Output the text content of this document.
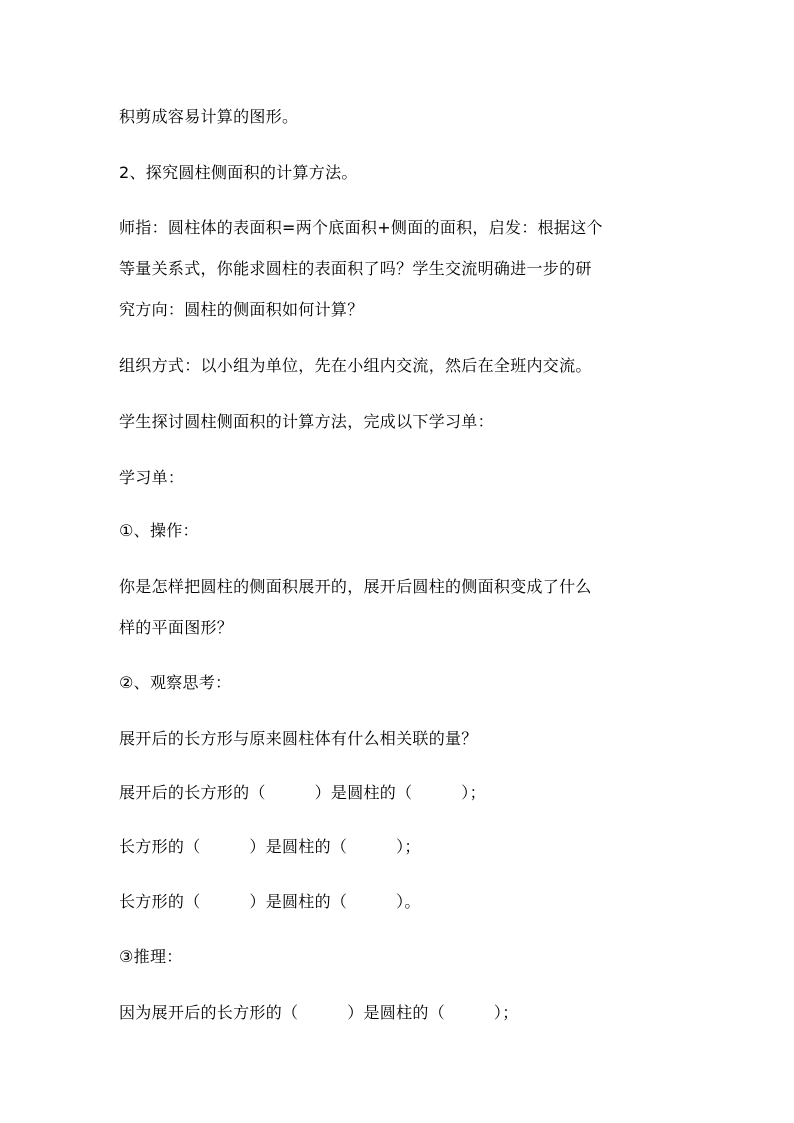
积剪成容易计算的图形。
2、探究圆柱侧面积的计算方法。
师指：圆柱体的表面积=两个底面积+侧面的面积，启发：根据这个
等量关系式，你能求圆柱的表面积了吗？学生交流明确进一步的研
究方向：圆柱的侧面积如何计算？
组织方式：以小组为单位，先在小组内交流，然后在全班内交流。
学生探讨圆柱侧面积的计算方法，完成以下学习单：
学习单：
①、操作：
你是怎样把圆柱的侧面积展开的，展开后圆柱的侧面积变成了什么
样的平面图形？
②、观察思考：
展开后的长方形与原来圆柱体有什么相关联的量？
展开后的长方形的（　　　）是圆柱的（　　　）；
长方形的（　　　）是圆柱的（　　　）；
长方形的（　　　）是圆柱的（　　　）。
③推理：
因为展开后的长方形的（　　　）是圆柱的（　　　）；
